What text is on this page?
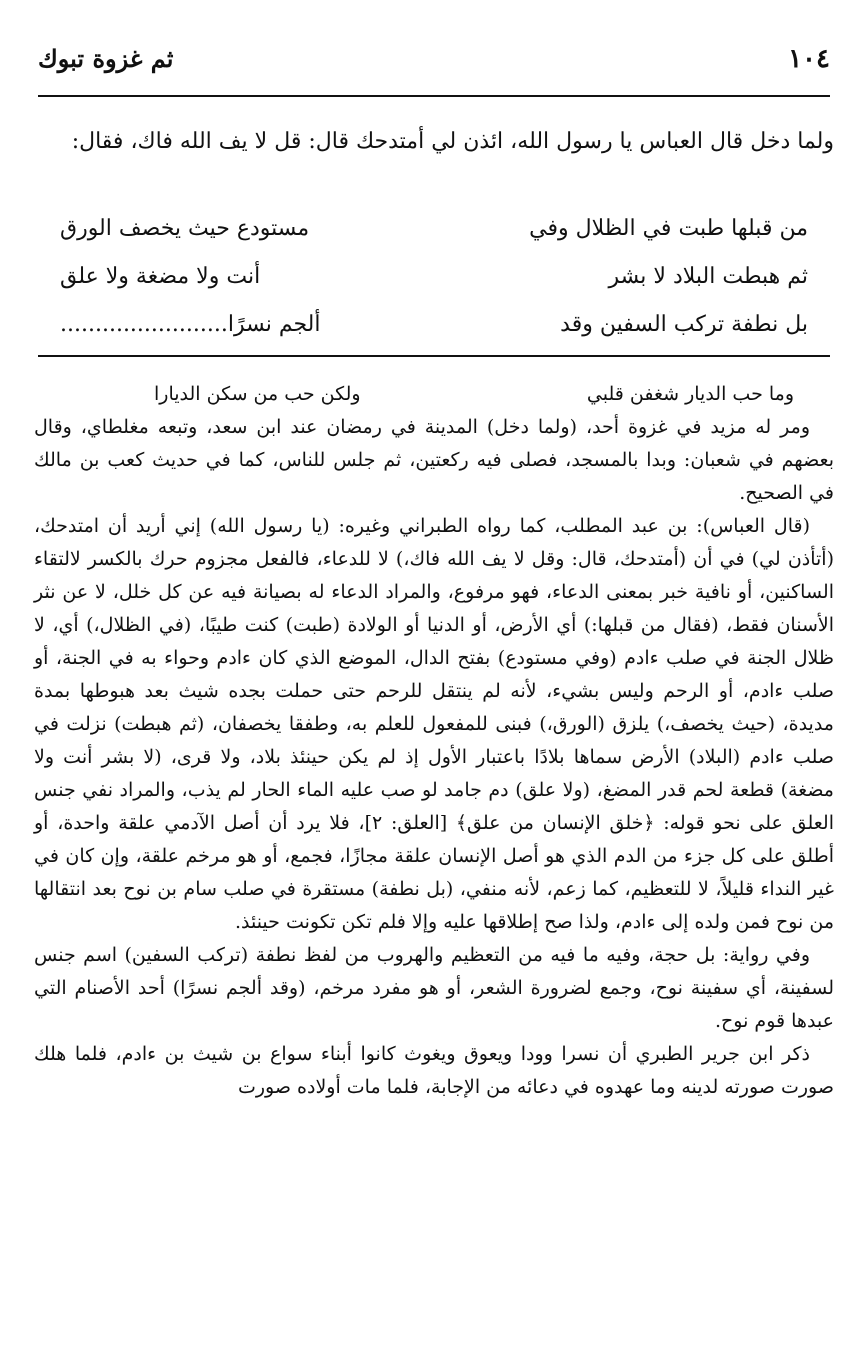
١٠٤
ثم غزوة تبوك

ولما دخل قال العباس يا رسول الله، ائذن لي أمتدحك قال: قل لا يف الله فاك، فقال:

من قبلها طبت في الظلال وفي
مستودع حيث يخصف الورق
ثم هبطت البلاد لا بشر
أنت ولا مضغة ولا علق
بل نطفة تركب السفين وقد
ألجم نسرًا........................

وما حب الديار شغفن قلبي
ولكن حب من سكن الديارا

ومر له مزيد في غزوة أحد، (ولما دخل) المدينة في رمضان عند ابن سعد، وتبعه مغلطاي، وقال بعضهم في شعبان: وبدا بالمسجد، فصلى فيه ركعتين، ثم جلس للناس، كما في حديث كعب بن مالك في الصحيح.

(قال العباس): بن عبد المطلب، كما رواه الطبراني وغيره: (يا رسول الله) إني أريد أن امتدحك، (أتأذن لي) في أن (أمتدحك، قال: وقل لا يف الله فاك،) لا للدعاء، فالفعل مجزوم حرك بالكسر لالتقاء الساكنين، أو نافية خبر بمعنى الدعاء، فهو مرفوع، والمراد الدعاء له بصيانة فيه عن كل خلل، لا عن نثر الأسنان فقط، (فقال من قبلها:) أي الأرض، أو الدنيا أو الولادة (طبت) كنت طيبًا، (في الظلال،) أي، لا ظلال الجنة في صلب ءادم (وفي مستودع) بفتح الدال، الموضع الذي كان ءادم وحواء به في الجنة، أو صلب ءادم، أو الرحم وليس بشيء، لأنه لم ينتقل للرحم حتى حملت بجده شيث بعد هبوطها بمدة مديدة، (حيث يخصف،) يلزق (الورق،) فبنى للمفعول للعلم به، وطفقا يخصفان، (ثم هبطت) نزلت في صلب ءادم (البلاد) الأرض سماها بلادًا باعتبار الأول إذ لم يكن حينئذ بلاد، ولا قرى، (لا بشر أنت ولا مضغة) قطعة لحم قدر المضغ، (ولا علق) دم جامد لو صب عليه الماء الحار لم يذب، والمراد نفي جنس العلق على نحو قوله: ﴿خلق الإنسان من علق﴾ [العلق: ٢]، فلا يرد أن أصل الآدمي علقة واحدة، أو أطلق على كل جزء من الدم الذي هو أصل الإنسان علقة مجازًا، فجمع، أو هو مرخم علقة، وإن كان في غير النداء قليلاً، لا للتعظيم، كما زعم، لأنه منفي، (بل نطفة) مستقرة في صلب سام بن نوح بعد انتقالها من نوح فمن ولده إلى ءادم، ولذا صح إطلاقها عليه وإلا فلم تكن تكونت حينئذ.

وفي رواية: بل حجة، وفيه ما فيه من التعظيم والهروب من لفظ نطفة (تركب السفين) اسم جنس لسفينة، أي سفينة نوح، وجمع لضرورة الشعر، أو هو مفرد مرخم، (وقد ألجم نسرًا) أحد الأصنام التي عبدها قوم نوح.

ذكر ابن جرير الطبري أن نسرا وودا ويعوق ويغوث كانوا أبناء سواع بن شيث بن ءادم، فلما هلك صورت صورته لدينه وما عهدوه في دعائه من الإجابة، فلما مات أولاده صورت
